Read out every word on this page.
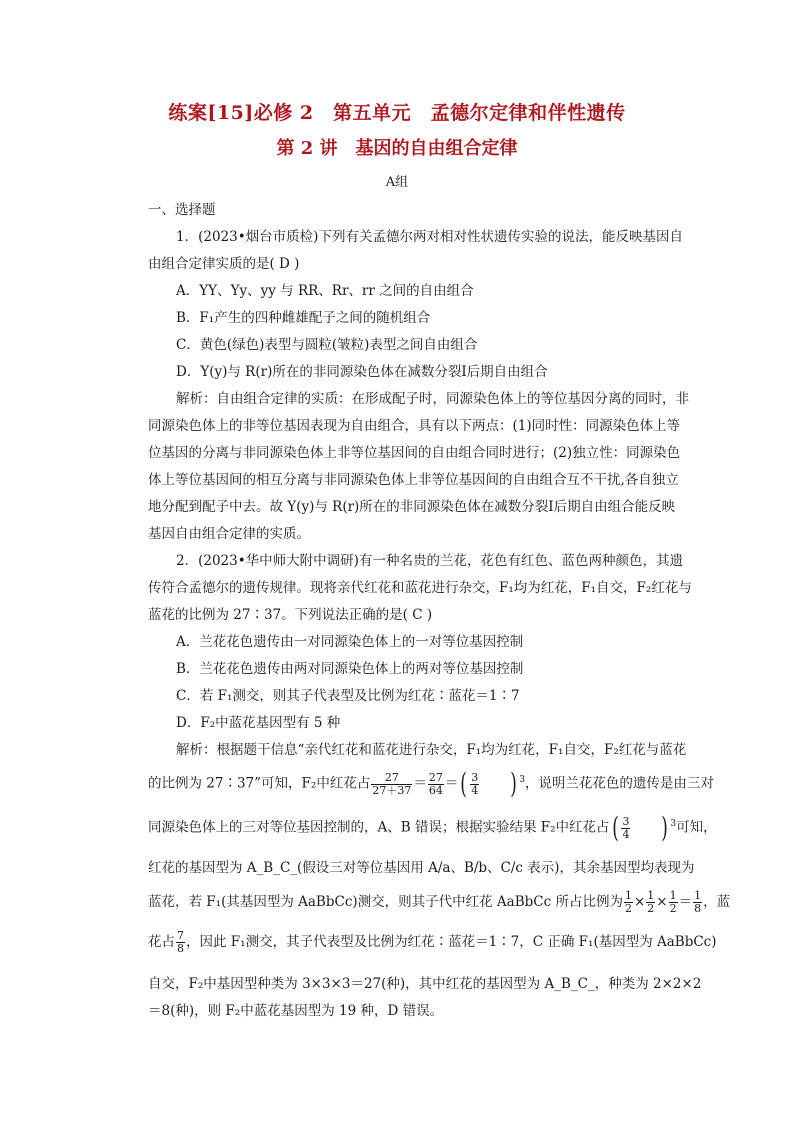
练案[15]必修 2　第五单元　孟德尔定律和伴性遗传
第 2 讲　基因的自由组合定律
A组
一、选择题
1．(2023•烟台市质检)下列有关孟德尔两对相对性状遗传实验的说法，能反映基因自
由组合定律实质的是( D )
A．YY、Yy、yy 与 RR、Rr、rr 之间的自由组合
B．F₁产生的四种雌雄配子之间的随机组合
C．黄色(绿色)表型与圆粒(皱粒)表型之间自由组合
D．Y(y)与 R(r)所在的非同源染色体在减数分裂Ⅰ后期自由组合
解析：自由组合定律的实质：在形成配子时，同源染色体上的等位基因分离的同时，非
同源染色体上的非等位基因表现为自由组合，具有以下两点：(1)同时性：同源染色体上等
位基因的分离与非同源染色体上非等位基因间的自由组合同时进行；(2)独立性：同源染色
体上等位基因间的相互分离与非同源染色体上非等位基因间的自由组合互不干扰,各自独立
地分配到配子中去。故 Y(y)与 R(r)所在的非同源染色体在减数分裂Ⅰ后期自由组合能反映
基因自由组合定律的实质。
2．(2023•华中师大附中调研)有一种名贵的兰花，花色有红色、蓝色两种颜色，其遗
传符合孟德尔的遗传规律。现将亲代红花和蓝花进行杂交，F₁均为红花，F₁自交，F₂红花与
蓝花的比例为 27∶37。下列说法正确的是( C )
A．兰花花色遗传由一对同源染色体上的一对等位基因控制
B．兰花花色遗传由两对同源染色体上的两对等位基因控制
C．若 F₁测交，则其子代表型及比例为红花∶蓝花＝1∶7
D．F₂中蓝花基因型有 5 种
解析：根据题干信息“亲代红花和蓝花进行杂交，F₁均为红花，F₁自交，F₂红花与蓝花
的比例为 27∶37”可知，F₂中红花占 $\frac{27}{27+37} = \frac{27}{64}$ ＝( $\frac{3}{4}$ ) $^3$，说明兰花花色的遗传是由三对
同源染色体上的三对等位基因控制的，A、B 错误；根据实验结果 F₂中红花占( $\frac{3}{4}$ ) $^3$可知，
红花的基因型为 A_B_C_(假设三对等位基因用 A/a、B/b、C/c 表示)，其余基因型均表现为
蓝花，若 F₁(其基因型为 AaBbCc)测交，则其子代中红花 AaBbCc 所占比例为 $\frac{1}{2} \times \frac{1}{2} \times \frac{1}{2} = \frac{1}{8}$ ，蓝
花占 $\frac{7}{8}$ ，因此 F₁测交，其子代表型及比例为红花∶蓝花＝1∶7，C 正确 F₁(基因型为 AaBbCc)
自交，F₂中基因型种类为 3×3×3＝27(种)，其中红花的基因型为 A_B_C_，种类为 2×2×2
＝8(种)，则 F₂中蓝花基因型为 19 种，D 错误。
